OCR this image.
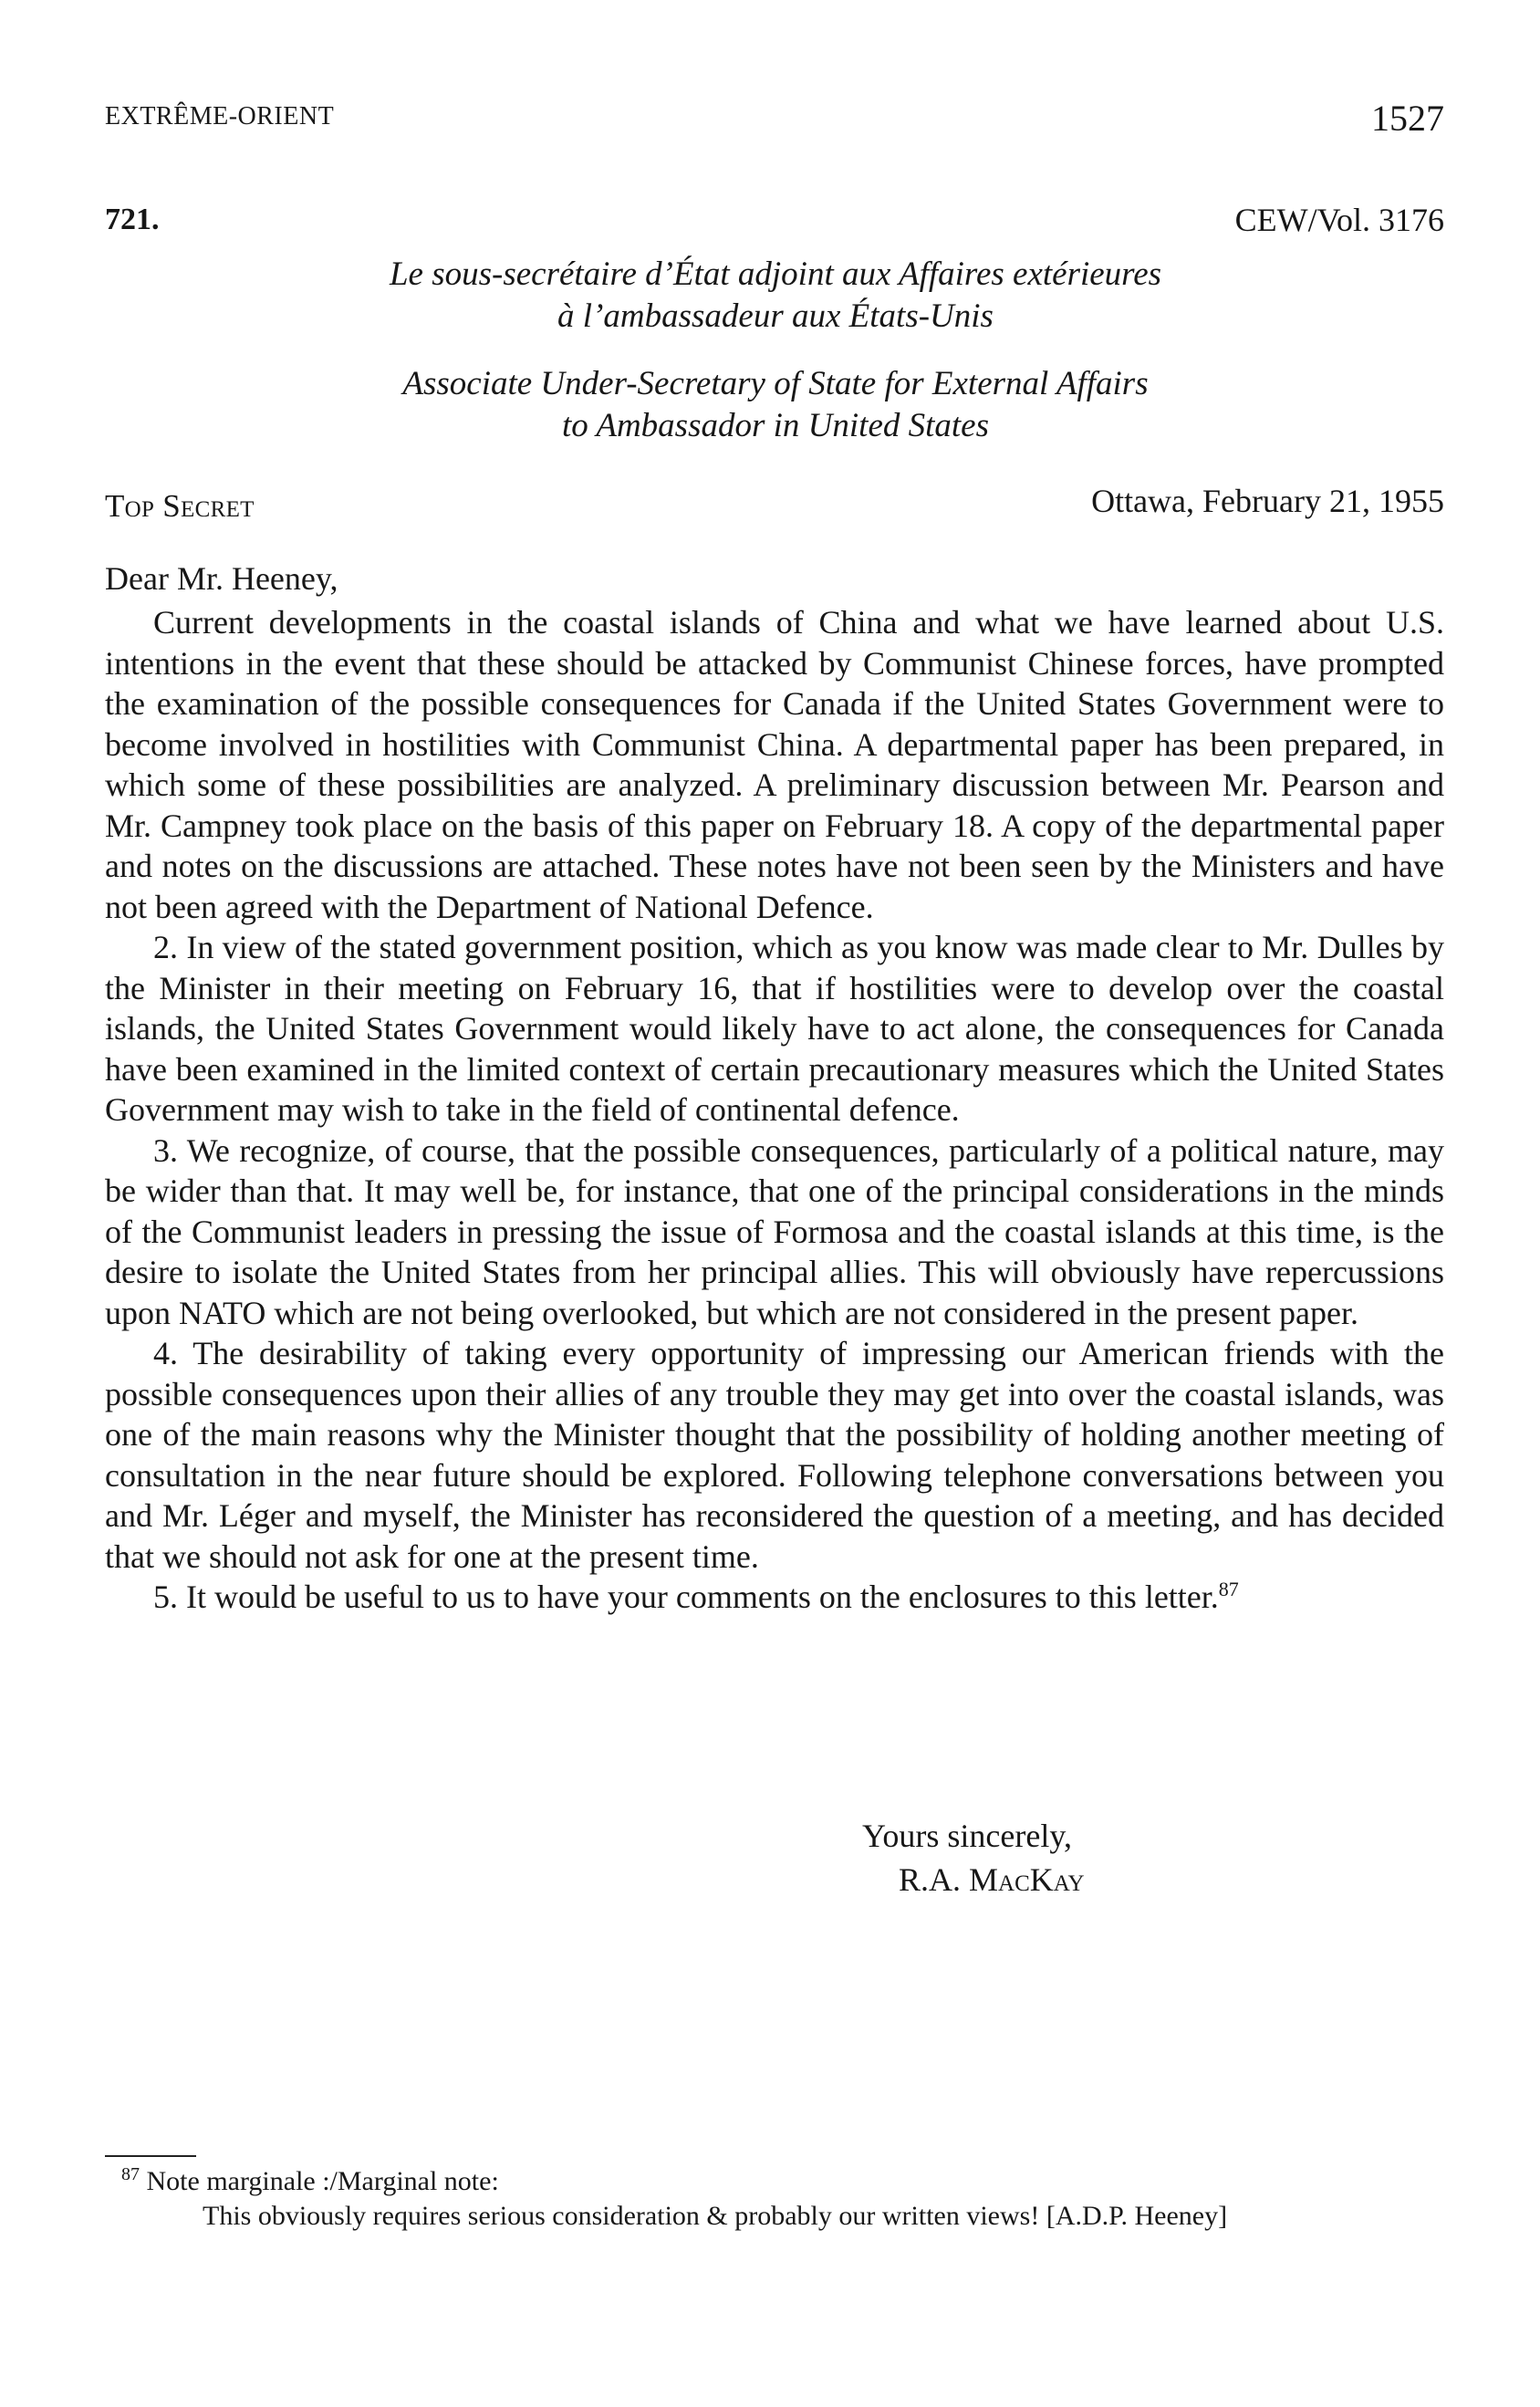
EXTRÊME-ORIENT	1527
721.	CEW/Vol. 3176
Le sous-secrétaire d’État adjoint aux Affaires extérieures
à l’ambassadeur aux États-Unis
Associate Under-Secretary of State for External Affairs
to Ambassador in United States
Top Secret	Ottawa, February 21, 1955
Dear Mr. Heeney,

Current developments in the coastal islands of China and what we have learned about U.S. intentions in the event that these should be attacked by Communist Chinese forces, have prompted the examination of the possible consequences for Canada if the United States Government were to become involved in hostilities with Communist China. A departmental paper has been prepared, in which some of these possibilities are analyzed. A preliminary discussion between Mr. Pearson and Mr. Campney took place on the basis of this paper on February 18. A copy of the departmental paper and notes on the discussions are attached. These notes have not been seen by the Ministers and have not been agreed with the Department of National Defence.

2. In view of the stated government position, which as you know was made clear to Mr. Dulles by the Minister in their meeting on February 16, that if hostilities were to develop over the coastal islands, the United States Government would likely have to act alone, the consequences for Canada have been examined in the limited context of certain precautionary measures which the United States Government may wish to take in the field of continental defence.

3. We recognize, of course, that the possible consequences, particularly of a political nature, may be wider than that. It may well be, for instance, that one of the principal considerations in the minds of the Communist leaders in pressing the issue of Formosa and the coastal islands at this time, is the desire to isolate the United States from her principal allies. This will obviously have repercussions upon NATO which are not being overlooked, but which are not considered in the present paper.

4. The desirability of taking every opportunity of impressing our American friends with the possible consequences upon their allies of any trouble they may get into over the coastal islands, was one of the main reasons why the Minister thought that the possibility of holding another meeting of consultation in the near future should be explored. Following telephone conversations between you and Mr. Léger and myself, the Minister has reconsidered the question of a meeting, and has decided that we should not ask for one at the present time.

5. It would be useful to us to have your comments on the enclosures to this letter.$^{87}$

Yours sincerely,
R.A. MacKay
$^{87}$ Note marginale :/Marginal note:
This obviously requires serious consideration & probably our written views! [A.D.P. Heeney]
